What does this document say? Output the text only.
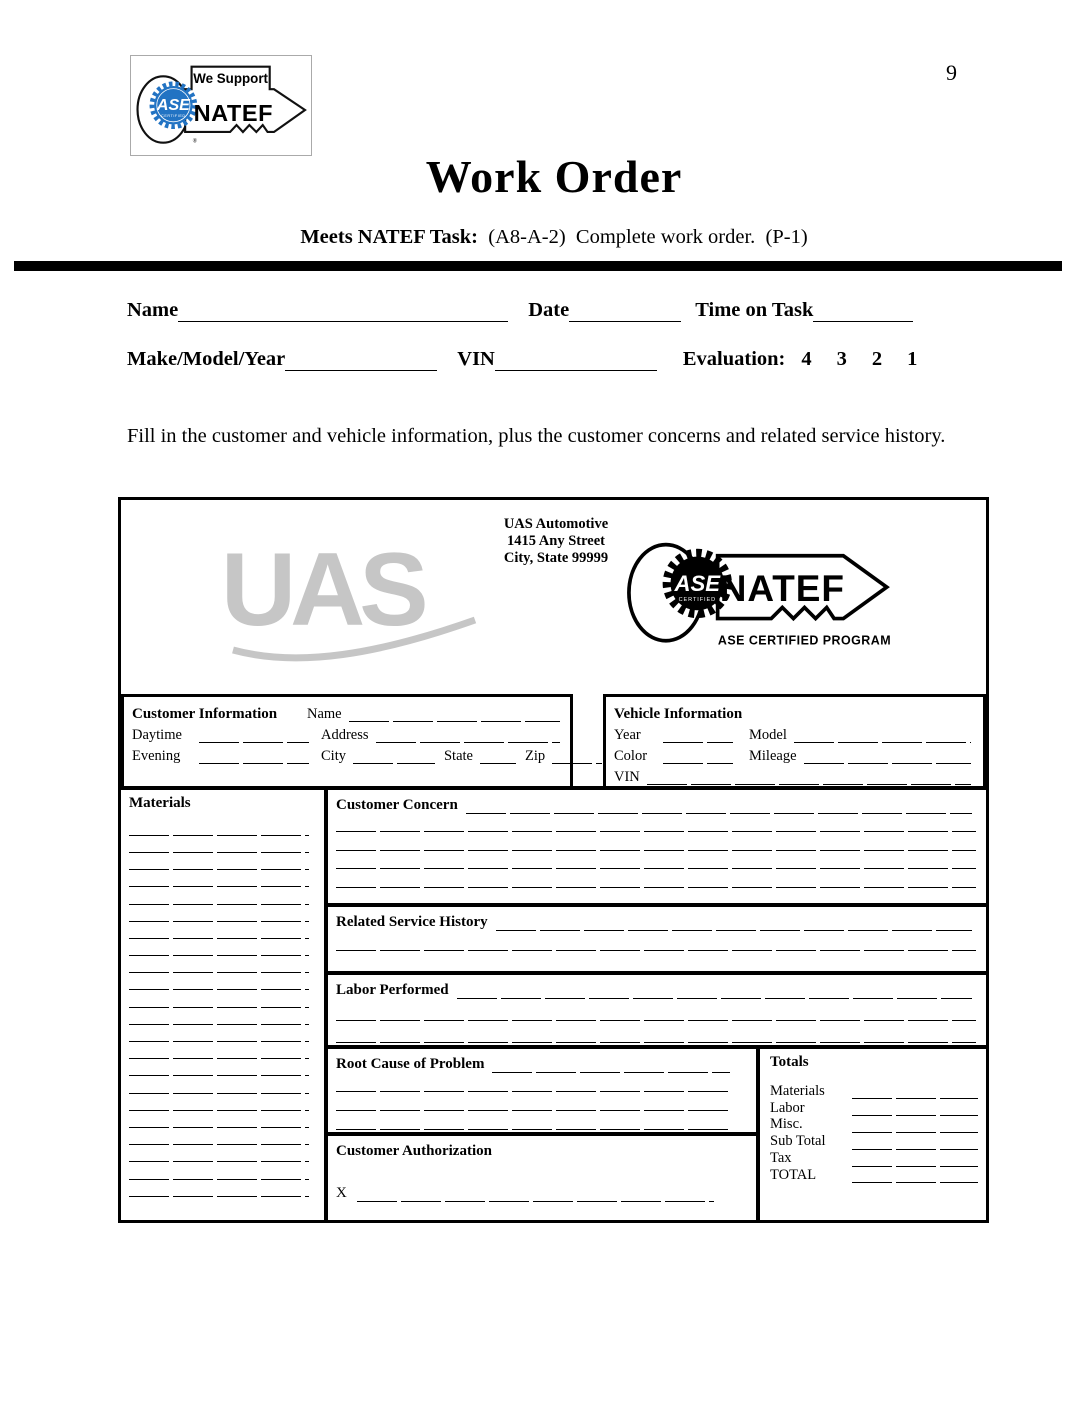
9
ASE
CERTIFIED
We Support
NATEF
®
Work Order
Meets NATEF Task: (A8-A-2)  Complete work order.  (P-1)
Name	Date	Time on Task
Make/Model/Year	VIN	Evaluation: 4 3 2 1
Fill in the customer and vehicle information, plus the customer concerns and related service history.
UAS
UAS Automotive
1415 Any Street
City, State 99999
ASE
CERTIFIED NATEF
ASE CERTIFIED PROGRAM
Customer Information	Name
Daytime	Address
Evening	City	State	Zip
Vehicle Information
Year	Model
Color	Mileage
VIN
Materials	Customer Concern
Related Service History
Labor Performed
Root Cause of Problem
Customer Authorization
X
Totals
Materials
Labor
Misc.
Sub Total
Tax
TOTAL
